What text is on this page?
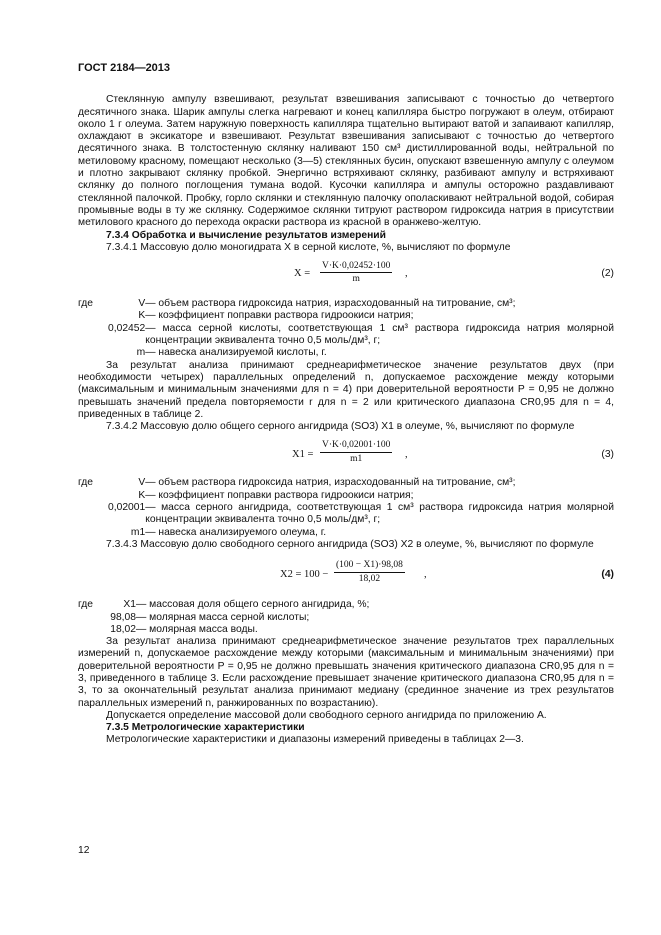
ГОСТ 2184—2013

Стеклянную ампулу взвешивают, результат взвешивания записывают с точностью до четвертого десятичного знака. Шарик ампулы слегка нагревают и конец капилляра быстро погружают в олеум, отбирают около 1 г олеума. Затем наружную поверхность капилляра тщательно вытирают ватой и запаивают капилляр, охлаждают в эксикаторе и взвешивают. Результат взвешивания записывают с точностью до четвертого десятичного знака. В толстостенную склянку наливают 150 см³ дистиллированной воды, нейтральной по метиловому красному, помещают несколько (3—5) стеклянных бусин, опускают взвешенную ампулу с олеумом и плотно закрывают склянку пробкой. Энергично встряхивают склянку, разбивают ампулу и встряхивают склянку до полного поглощения тумана водой. Кусочки капилляра и ампулы осторожно раздавливают стеклянной палочкой. Пробку, горло склянки и стеклянную палочку ополаскивают нейтральной водой, собирая промывные воды в ту же склянку. Содержимое склянки титруют раствором гидроксида натрия в присутствии метилового красного до перехода окраски раствора из красной в оранжево-желтую.

7.3.4 Обработка и вычисление результатов измерений

7.3.4.1 Массовую долю моногидрата X в серной кислоте, %, вычисляют по формуле

$X = \frac{V\cdot K\cdot 0,02452\cdot 100}{m}$ ,	(2)
где	V	— объем раствора гидроксида натрия, израсходованный на титрование, см³;
	K	— коэффициент поправки раствора гидроокиси натрия;
	0,02452	— масса серной кислоты, соответствующая 1 см³ раствора гидроксида натрия молярной концентрации эквивалента точно 0,5 моль/дм³, г;
	m	— навеска анализируемой кислоты, г.

За результат анализа принимают среднеарифметическое значение результатов двух (при необходимости четырех) параллельных определений n, допускаемое расхождение между которыми (максимальным и минимальным значениями для n = 4) при доверительной вероятности P = 0,95 не должно превышать значений предела повторяемости r для n = 2 или критического диапазона CR0,95 для n = 4, приведенных в таблице 2.

7.3.4.2 Массовую долю общего серного ангидрида (SO3) X1 в олеуме, %, вычисляют по формуле

$X1 = \frac{V\cdot K\cdot 0,02001\cdot 100}{m1}$ ,	(3)
где	V	— объем раствора гидроксида натрия, израсходованный на титрование, см³;
	K	— коэффициент поправки раствора гидроокиси натрия;
	0,02001	— масса серного ангидрида, соответствующая 1 см³ раствора гидроксида натрия молярной концентрации эквивалента точно 0,5 моль/дм³, г;
	m1	— навеска анализируемого олеума, г.

7.3.4.3 Массовую долю свободного серного ангидрида (SO3) X2 в олеуме, %, вычисляют по формуле

$X2 = 100 - \frac{(100 - X1)\cdot 98,08}{18,02}$ ,	(4)
где	X1	— массовая доля общего серного ангидрида, %;
	98,08	— молярная масса серной кислоты;
	18,02	— молярная масса воды.

За результат анализа принимают среднеарифметическое значение результатов трех параллельных измерений n, допускаемое расхождение между которыми (максимальным и минимальным значениями) при доверительной вероятности P = 0,95 не должно превышать значения критического диапазона CR0,95 для n = 3, приведенного в таблице 3. Если расхождение превышает значение критического диапазона CR0,95 для n = 3, то за окончательный результат анализа принимают медиану (срединное значение из трех результатов параллельных измерений n, ранжированных по возрастанию).

Допускается определение массовой доли свободного серного ангидрида по приложению А.

7.3.5 Метрологические характеристики

Метрологические характеристики и диапазоны измерений приведены в таблицах 2—3.

12
